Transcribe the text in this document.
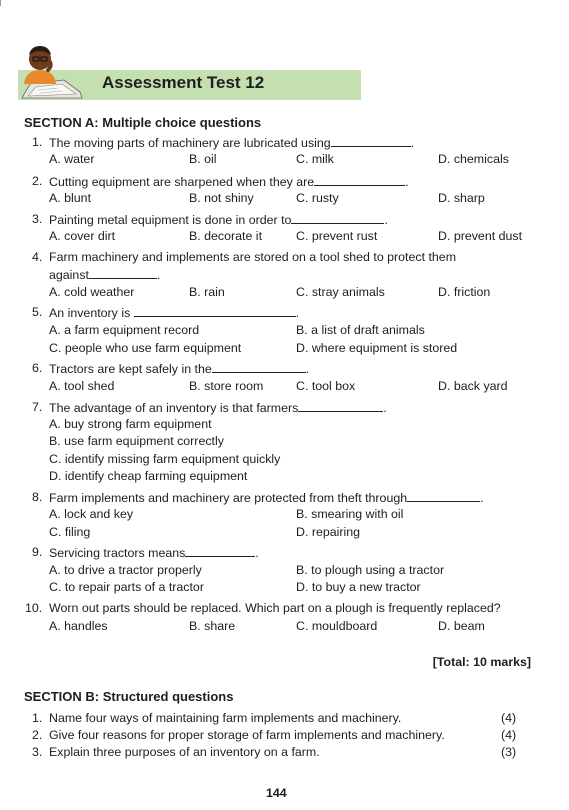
Assessment Test 12
SECTION A: Multiple choice questions
1. The moving parts of machinery are lubricated using	.
A. water	B. oil	C. milk	D. chemicals
2. Cutting equipment are sharpened when they are	.
A. blunt	B. not shiny	C. rusty	D. sharp
3. Painting metal equipment is done in order to	.
A. cover dirt	B. decorate it	C. prevent rust	D. prevent dust
4. Farm machinery and implements are stored on a tool shed to protect them
against	.
A. cold weather	B. rain	C. stray animals	D. friction
5. An inventory is	.
A. a farm equipment record	B. a list of draft animals
C. people who use farm equipment	D. where equipment is stored
6. Tractors are kept safely in the	.
A. tool shed	B. store room	C. tool box	D. back yard
7. The advantage of an inventory is that farmers	.
A. buy strong farm equipment
B. use farm equipment correctly
C. identify missing farm equipment quickly
D. identify cheap farming equipment
8. Farm implements and machinery are protected from theft through	.
A. lock and key	B. smearing with oil
C. filing	D. repairing
9. Servicing tractors means	.
A. to drive a tractor properly	B. to plough using a tractor
C. to repair parts of a tractor	D. to buy a new tractor
10. Worn out parts should be replaced. Which part on a plough is frequently replaced?
A. handles	B. share	C. mouldboard	D. beam
[Total: 10 marks]
SECTION B: Structured questions
1. Name four ways of maintaining farm implements and machinery.	(4)
2. Give four reasons for proper storage of farm implements and machinery.	(4)
3. Explain three purposes of an inventory on a farm.	(3)
144
